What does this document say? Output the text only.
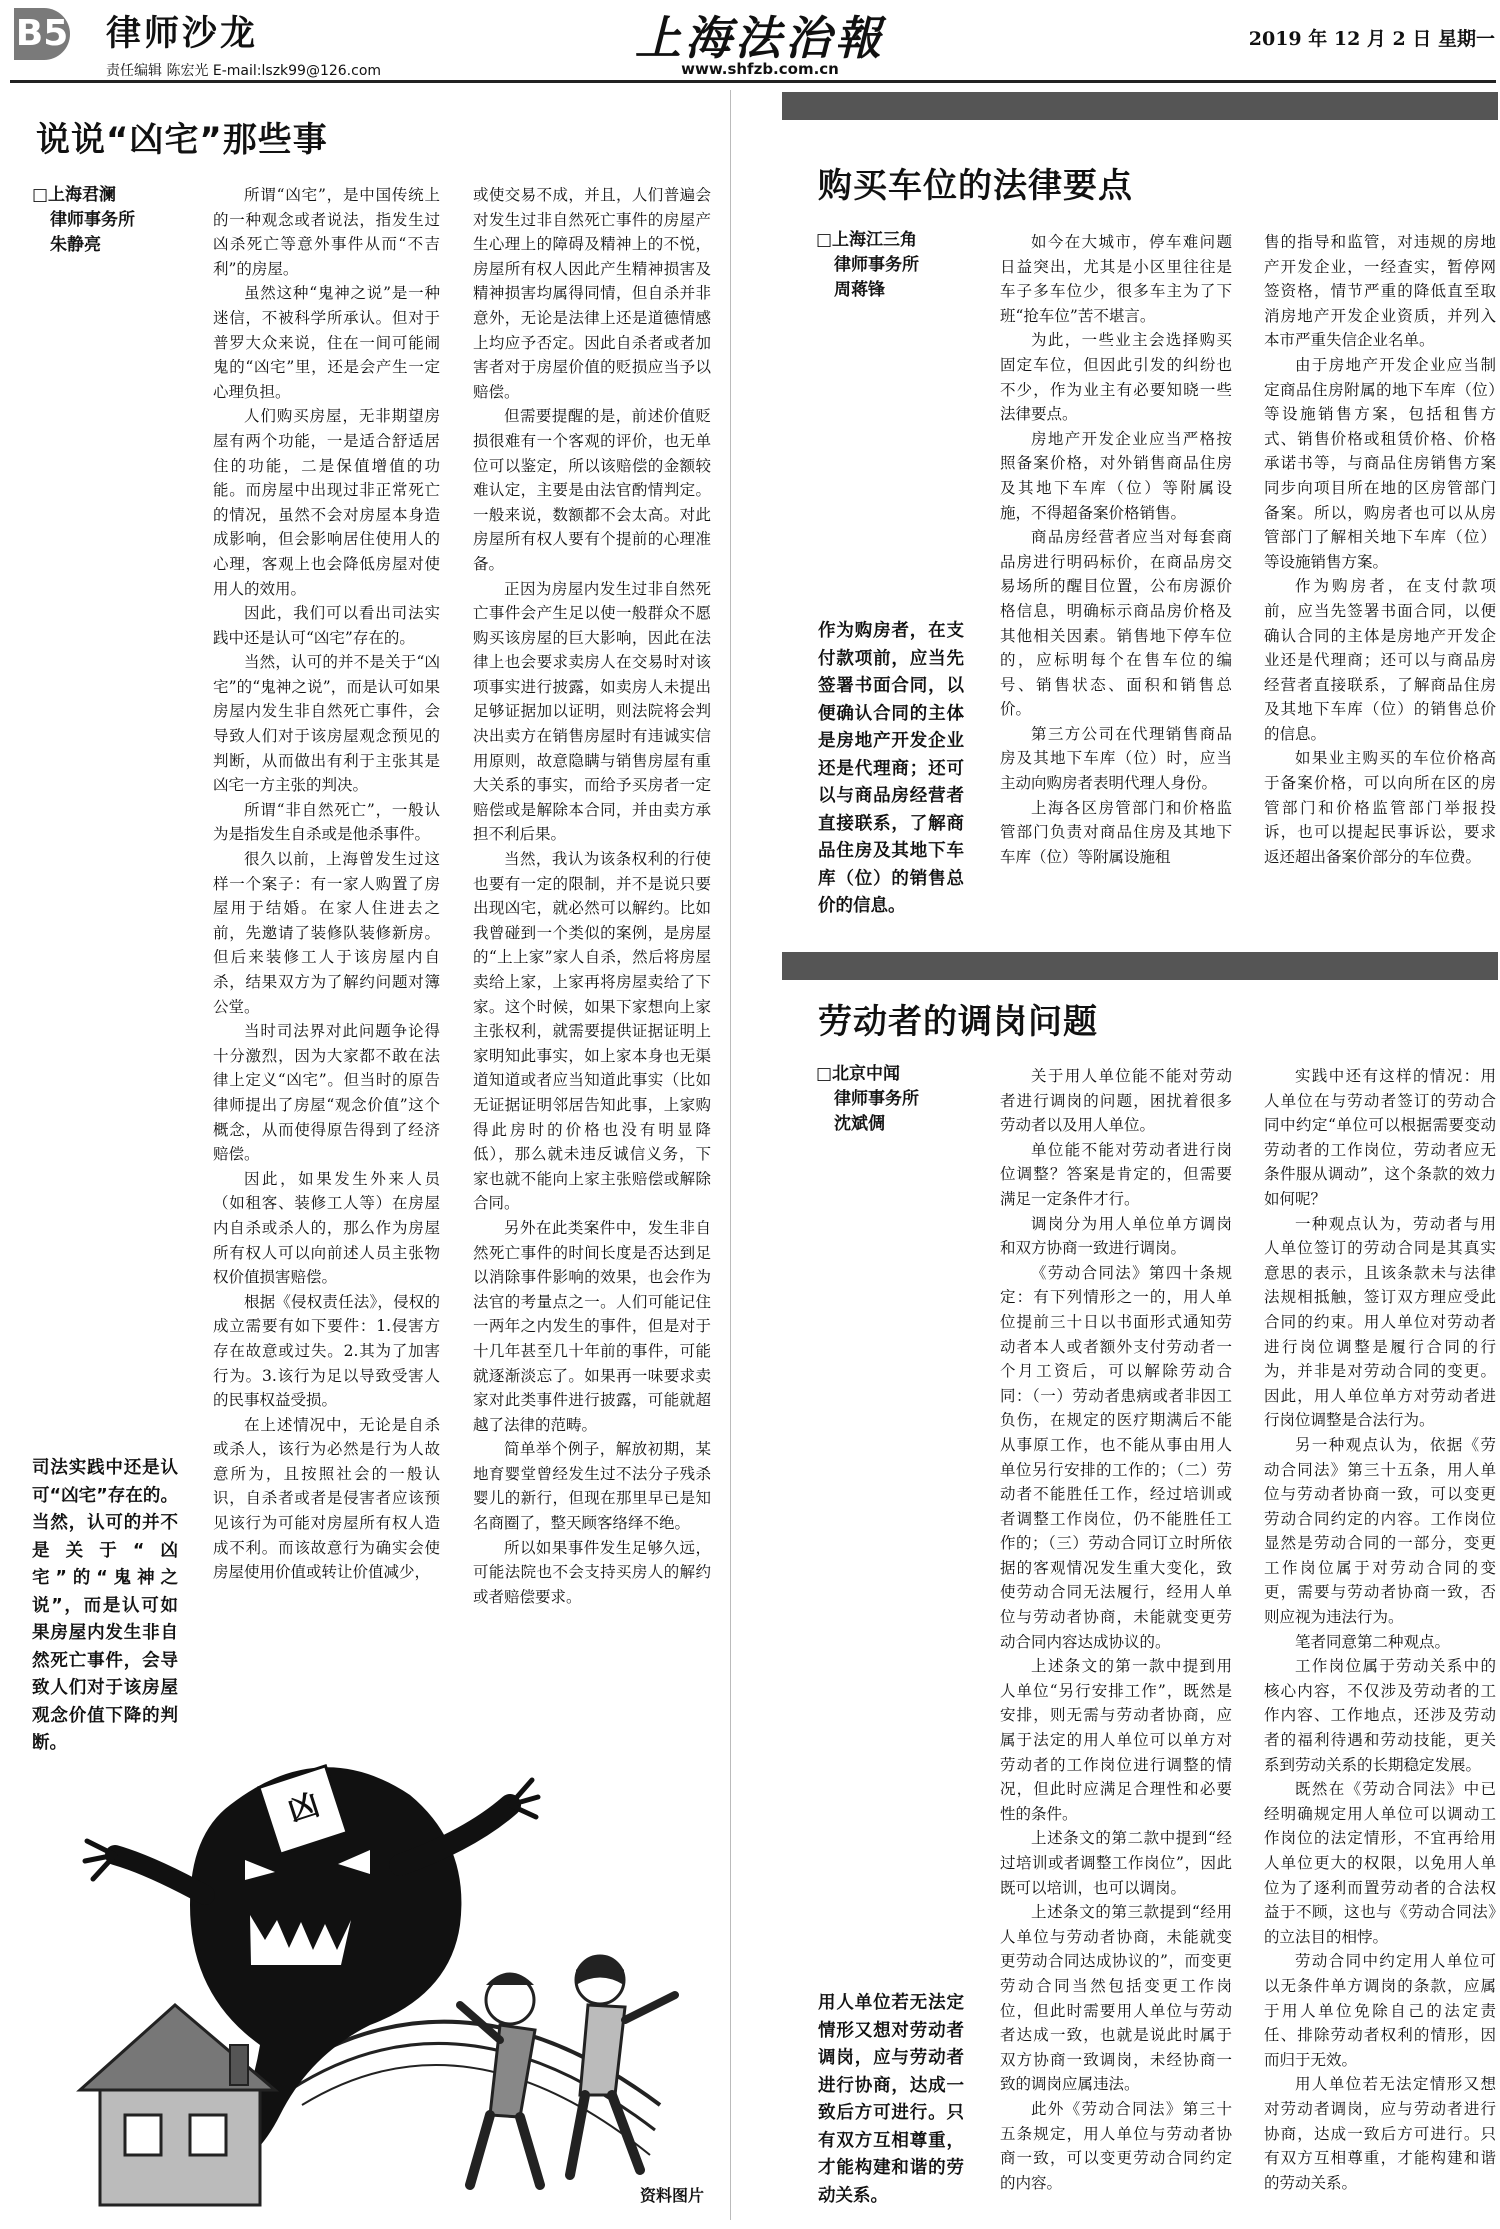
B5 律师沙龙
责任编辑 陈宏光 E-mail:lszk99@126.com
上海法治報
www.shfzb.com.cn
2019 年 12 月 2 日 星期一
说说“凶宅”那些事
□上海君澜
律师事务所
朱静亮
司法实践中还是认可“凶宅”存在的。当然，认可的并不是关于“凶宅”的“鬼神之说”，而是认可如果房屋内发生非自然死亡事件，会导致人们对于该房屋观念价值下降的判断。

所谓“凶宅”，是中国传统上的一种观念或者说法，指发生过凶杀死亡等意外事件从而“不吉利”的房屋。

虽然这种“鬼神之说”是一种迷信，不被科学所承认。但对于普罗大众来说，住在一间可能闹鬼的“凶宅”里，还是会产生一定心理负担。

人们购买房屋，无非期望房屋有两个功能，一是适合舒适居住的功能，二是保值增值的功能。而房屋中出现过非正常死亡的情况，虽然不会对房屋本身造成影响，但会影响居住使用人的心理，客观上也会降低房屋对使用人的效用。

因此，我们可以看出司法实践中还是认可“凶宅”存在的。

当然，认可的并不是关于“凶宅”的“鬼神之说”，而是认可如果房屋内发生非自然死亡事件，会导致人们对于该房屋观念预见的判断，从而做出有利于主张其是凶宅一方主张的判决。

所谓“非自然死亡”，一般认为是指发生自杀或是他杀事件。

很久以前，上海曾发生过这样一个案子：有一家人购置了房屋用于结婚。在家人住进去之前，先邀请了装修队装修新房。但后来装修工人于该房屋内自杀，结果双方为了解约问题对簿公堂。

当时司法界对此问题争论得十分激烈，因为大家都不敢在法律上定义“凶宅”。但当时的原告律师提出了房屋“观念价值”这个概念，从而使得原告得到了经济赔偿。

因此，如果发生外来人员（如租客、装修工人等）在房屋内自杀或杀人的，那么作为房屋所有权人可以向前述人员主张物权价值损害赔偿。

根据《侵权责任法》，侵权的成立需要有如下要件：1.侵害方存在故意或过失。2.其为了加害行为。3.该行为足以导致受害人的民事权益受损。

在上述情况中，无论是自杀或杀人，该行为必然是行为人故意所为，且按照社会的一般认识，自杀者或者是侵害者应该预见该行为可能对房屋所有权人造成不利。而该故意行为确实会使房屋使用价值或转让价值减少，

或使交易不成，并且，人们普遍会对发生过非自然死亡事件的房屋产生心理上的障碍及精神上的不悦，房屋所有权人因此产生精神损害及精神损害均属得同情，但自杀并非意外，无论是法律上还是道德情感上均应予否定。因此自杀者或者加害者对于房屋价值的贬损应当予以赔偿。

但需要提醒的是，前述价值贬损很难有一个客观的评价，也无单位可以鉴定，所以该赔偿的金额较难认定，主要是由法官酌情判定。一般来说，数额都不会太高。对此房屋所有权人要有个提前的心理准备。

正因为房屋内发生过非自然死亡事件会产生足以使一般群众不愿购买该房屋的巨大影响，因此在法律上也会要求卖房人在交易时对该项事实进行披露，如卖房人未提出足够证据加以证明，则法院将会判决出卖方在销售房屋时有违诚实信用原则，故意隐瞒与销售房屋有重大关系的事实，而给予买房者一定赔偿或是解除本合同，并由卖方承担不利后果。

当然，我认为该条权利的行使也要有一定的限制，并不是说只要出现凶宅，就必然可以解约。比如我曾碰到一个类似的案例，是房屋的“上上家”家人自杀，然后将房屋卖给上家，上家再将房屋卖给了下家。这个时候，如果下家想向上家主张权利，就需要提供证据证明上家明知此事实，如上家本身也无渠道知道或者应当知道此事实（比如无证据证明邻居告知此事，上家购得此房时的价格也没有明显降低），那么就未违反诚信义务，下家也就不能向上家主张赔偿或解除合同。

另外在此类案件中，发生非自然死亡事件的时间长度是否达到足以消除事件影响的效果，也会作为法官的考量点之一。人们可能记住一两年之内发生的事件，但是对于十几年甚至几十年前的事件，可能就逐渐淡忘了。如果再一味要求卖家对此类事件进行披露，可能就超越了法律的范畴。

简单举个例子，解放初期，某地育婴堂曾经发生过不法分子残杀婴儿的新行，但现在那里早已是知名商圈了，整天顾客络绎不绝。

所以如果事件发生足够久远，可能法院也不会支持买房人的解约或者赔偿要求。

凶
资料图片
购买车位的法律要点
□上海江三角
律师事务所
周蒋锋
作为购房者，在支付款项前，应当先签署书面合同，以便确认合同的主体是房地产开发企业还是代理商；还可以与商品房经营者直接联系，了解商品住房及其地下车库（位）的销售总价的信息。

如今在大城市，停车难问题日益突出，尤其是小区里往往是车子多车位少，很多车主为了下班“抢车位”苦不堪言。

为此，一些业主会选择购买固定车位，但因此引发的纠纷也不少，作为业主有必要知晓一些法律要点。

房地产开发企业应当严格按照备案价格，对外销售商品住房及其地下车库（位）等附属设施，不得超备案价格销售。

商品房经营者应当对每套商品房进行明码标价，在商品房交易场所的醒目位置，公布房源价格信息，明确标示商品房价格及其他相关因素。销售地下停车位的，应标明每个在售车位的编号、销售状态、面积和销售总价。

第三方公司在代理销售商品房及其地下车库（位）时，应当主动向购房者表明代理人身份。

上海各区房管部门和价格监管部门负责对商品住房及其地下车库（位）等附属设施租

售的指导和监管，对违规的房地产开发企业，一经查实，暂停网签资格，情节严重的降低直至取消房地产开发企业资质，并列入本市严重失信企业名单。

由于房地产开发企业应当制定商品住房附属的地下车库（位）等设施销售方案，包括租售方式、销售价格或租赁价格、价格承诺书等，与商品住房销售方案同步向项目所在地的区房管部门备案。所以，购房者也可以从房管部门了解相关地下车库（位）等设施销售方案。

作为购房者，在支付款项前，应当先签署书面合同，以便确认合同的主体是房地产开发企业还是代理商；还可以与商品房经营者直接联系，了解商品住房及其地下车库（位）的销售总价的信息。

如果业主购买的车位价格高于备案价格，可以向所在区的房管部门和价格监管部门举报投诉，也可以提起民事诉讼，要求返还超出备案价部分的车位费。

劳动者的调岗问题
□北京中闻
律师事务所
沈斌倜
用人单位若无法定情形又想对劳动者调岗，应与劳动者进行协商，达成一致后方可进行。只有双方互相尊重，才能构建和谐的劳动关系。

关于用人单位能不能对劳动者进行调岗的问题，困扰着很多劳动者以及用人单位。

单位能不能对劳动者进行岗位调整？答案是肯定的，但需要满足一定条件才行。

调岗分为用人单位单方调岗和双方协商一致进行调岗。

《劳动合同法》第四十条规定：有下列情形之一的，用人单位提前三十日以书面形式通知劳动者本人或者额外支付劳动者一个月工资后，可以解除劳动合同：（一）劳动者患病或者非因工负伤，在规定的医疗期满后不能从事原工作，也不能从事由用人单位另行安排的工作的；（二）劳动者不能胜任工作，经过培训或者调整工作岗位，仍不能胜任工作的；（三）劳动合同订立时所依据的客观情况发生重大变化，致使劳动合同无法履行，经用人单位与劳动者协商，未能就变更劳动合同内容达成协议的。

上述条文的第一款中提到用人单位“另行安排工作”，既然是安排，则无需与劳动者协商，应属于法定的用人单位可以单方对劳动者的工作岗位进行调整的情况，但此时应满足合理性和必要性的条件。

上述条文的第二款中提到“经过培训或者调整工作岗位”，因此既可以培训，也可以调岗。

上述条文的第三款提到“经用人单位与劳动者协商，未能就变更劳动合同达成协议的”，而变更劳动合同当然包括变更工作岗位，但此时需要用人单位与劳动者达成一致，也就是说此时属于双方协商一致调岗，未经协商一致的调岗应属违法。

此外《劳动合同法》第三十五条规定，用人单位与劳动者协商一致，可以变更劳动合同约定的内容。

实践中还有这样的情况：用人单位在与劳动者签订的劳动合同中约定“单位可以根据需要变动劳动者的工作岗位，劳动者应无条件服从调动”，这个条款的效力如何呢？

一种观点认为，劳动者与用人单位签订的劳动合同是其真实意思的表示，且该条款未与法律法规相抵触，签订双方理应受此合同的约束。用人单位对劳动者进行岗位调整是履行合同的行为，并非是对劳动合同的变更。因此，用人单位单方对劳动者进行岗位调整是合法行为。

另一种观点认为，依据《劳动合同法》第三十五条，用人单位与劳动者协商一致，可以变更劳动合同约定的内容。工作岗位显然是劳动合同的一部分，变更工作岗位属于对劳动合同的变更，需要与劳动者协商一致，否则应视为违法行为。

笔者同意第二种观点。

工作岗位属于劳动关系中的核心内容，不仅涉及劳动者的工作内容、工作地点，还涉及劳动者的福利待遇和劳动技能，更关系到劳动关系的长期稳定发展。

既然在《劳动合同法》中已经明确规定用人单位可以调动工作岗位的法定情形，不宜再给用人单位更大的权限，以免用人单位为了逐利而置劳动者的合法权益于不顾，这也与《劳动合同法》的立法目的相悖。

劳动合同中约定用人单位可以无条件单方调岗的条款，应属于用人单位免除自己的法定责任、排除劳动者权利的情形，因而归于无效。

用人单位若无法定情形又想对劳动者调岗，应与劳动者进行协商，达成一致后方可进行。只有双方互相尊重，才能构建和谐的劳动关系。
